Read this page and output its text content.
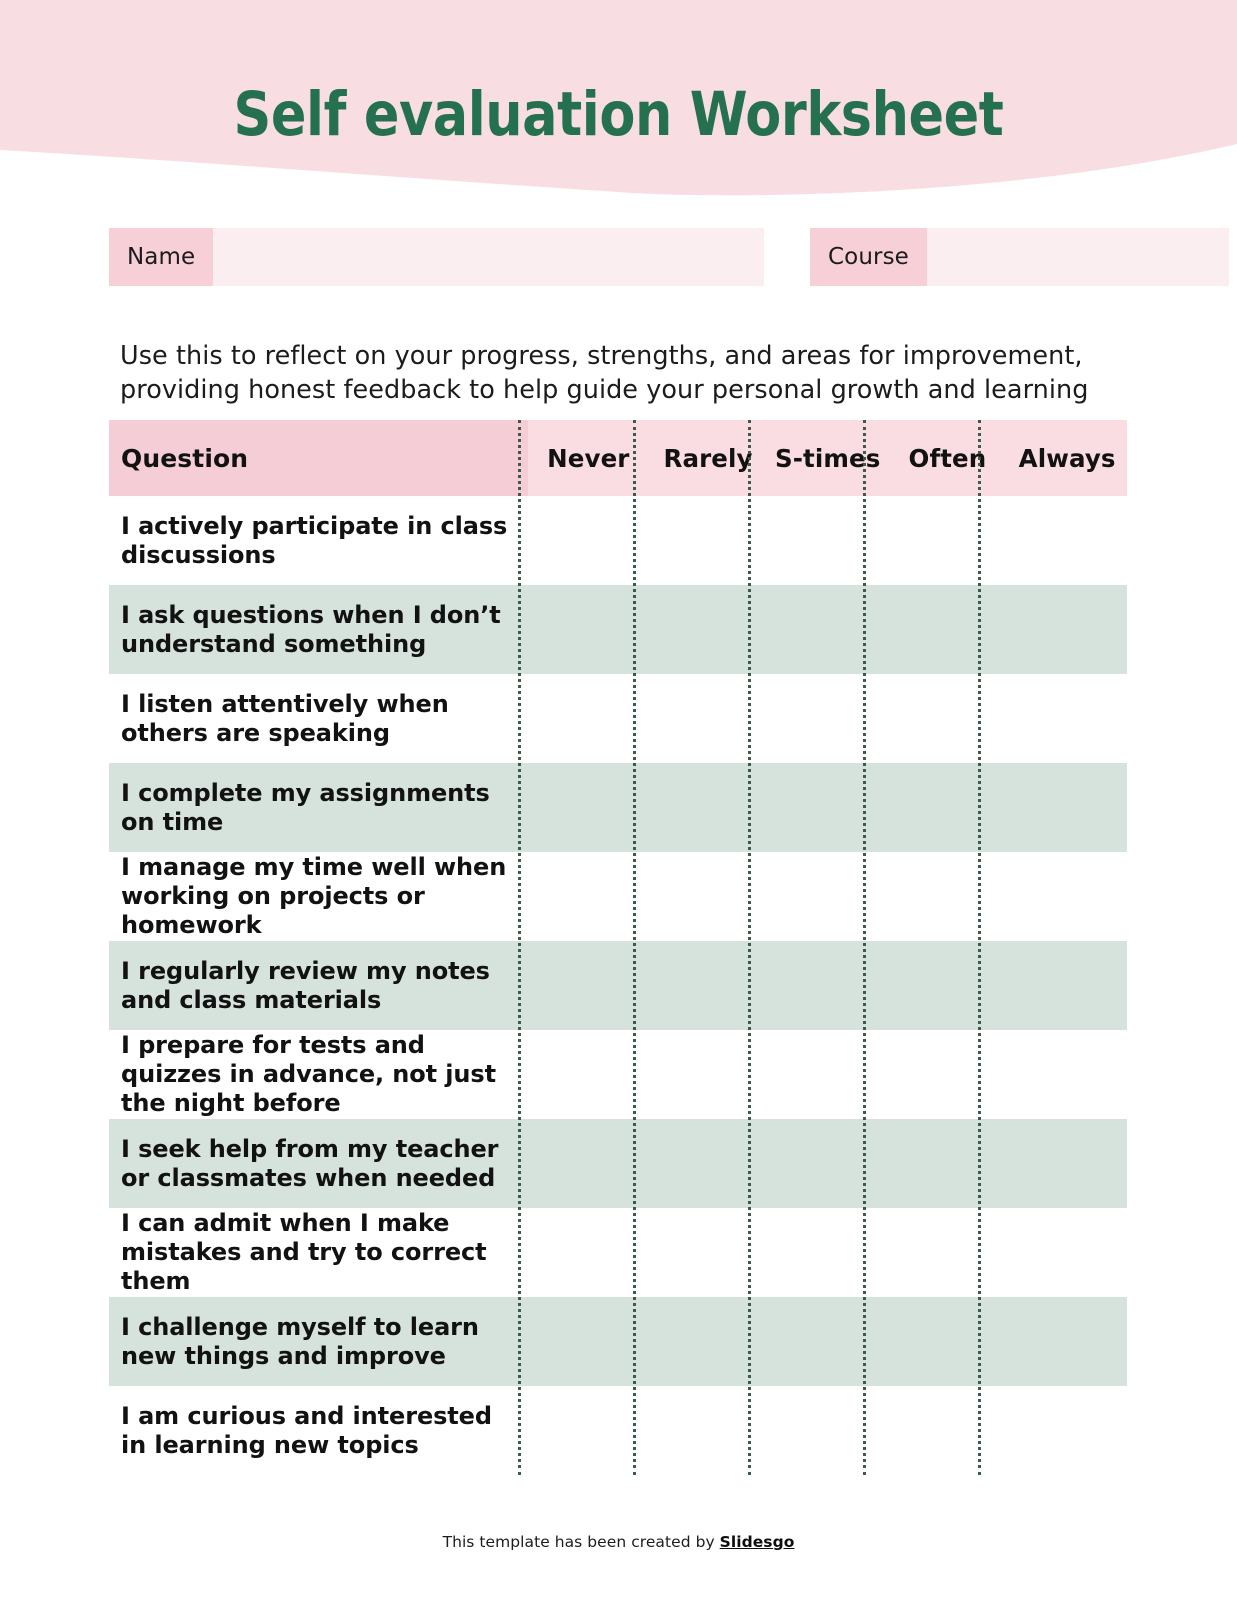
Self evaluation Worksheet
Name	Course

Use this to reflect on your progress, strengths, and areas for improvement, providing honest feedback to help guide your personal growth and learning

Question	Never	Rarely	S-times	Often	Always
I actively participate in class discussions					
I ask questions when I don’t understand something					
I listen attentively when others are speaking					
I complete my assignments on time					
I manage my time well when working on projects or homework					
I regularly review my notes and class materials					
I prepare for tests and quizzes in advance, not just the night before					
I seek help from my teacher or classmates when needed					
I can admit when I make mistakes and try to correct them					
I challenge myself to learn new things and improve					
I am curious and interested in learning new topics					
This template has been created by Slidesgo
